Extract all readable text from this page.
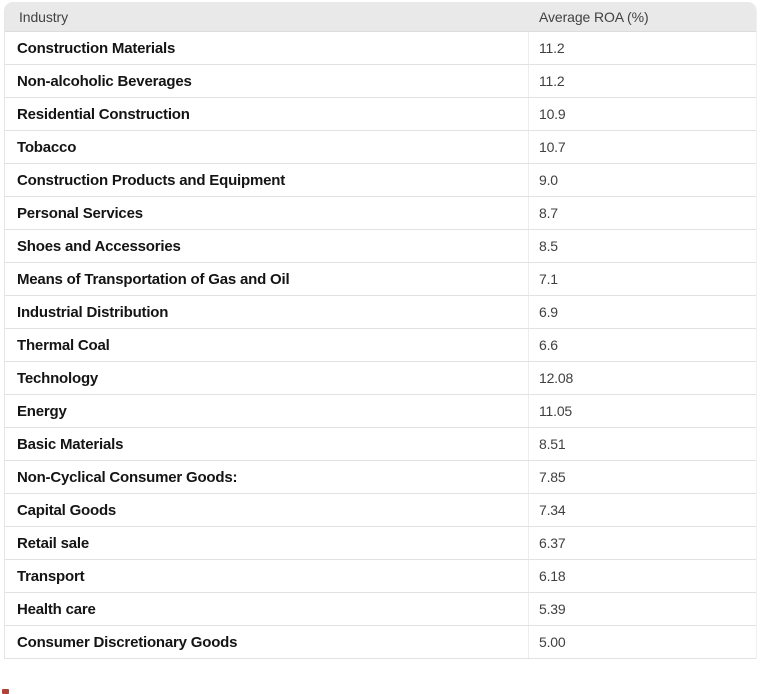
Industry	Average ROA (%)
Construction Materials	11.2
Non-alcoholic Beverages	11.2
Residential Construction	10.9
Tobacco	10.7
Construction Products and Equipment	9.0
Personal Services	8.7
Shoes and Accessories	8.5
Means of Transportation of Gas and Oil	7.1
Industrial Distribution	6.9
Thermal Coal	6.6
Technology	12.08
Energy	11.05
Basic Materials	8.51
Non-Cyclical Consumer Goods:	7.85
Capital Goods	7.34
Retail sale	6.37
Transport	6.18
Health care	5.39
Consumer Discretionary Goods	5.00
